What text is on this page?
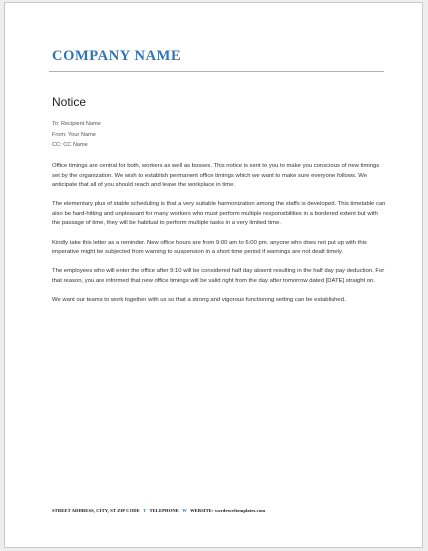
COMPANY NAME
Notice
To: Recipient Name
From: Your Name
CC: CC Name

Office timings are central for both, workers as well as bosses. This notice is sent to you to make you conscious of new timings set by the organization. We wish to establish permanent office timings which we want to make sure everyone follows. We anticipate that all of you should reach and leave the workplace in time.

The elementary plus of stable scheduling is that a very suitable harmonization among the staffs is developed. This timetable can also be hard-hitting and unpleasant for many workers who must perform multiple responsibilities in a bordered extent but with the passage of time, they will be habitual to perform multiple tasks in a very limited time.

Kindly take this letter as a reminder. New office hours are from 9:00 am to 6:00 pm. anyone who does not put up with this imperative might be subjected from warning to suspension in a short time period if warnings are not dealt timely.

The employees who will enter the office after 9:10 will be considered half day absent resulting in the half day pay deduction. For that reason, you are informed that new office timings will be valid right from the day after tomorrow dated [DATE] straight on.

We want our teams to work together with us so that a strong and vigorous functioning setting can be established.

STREET ADDRESS, CITY, ST ZIP CODE T TELEPHONE W WEBSITE: wordexceltemplates.com
